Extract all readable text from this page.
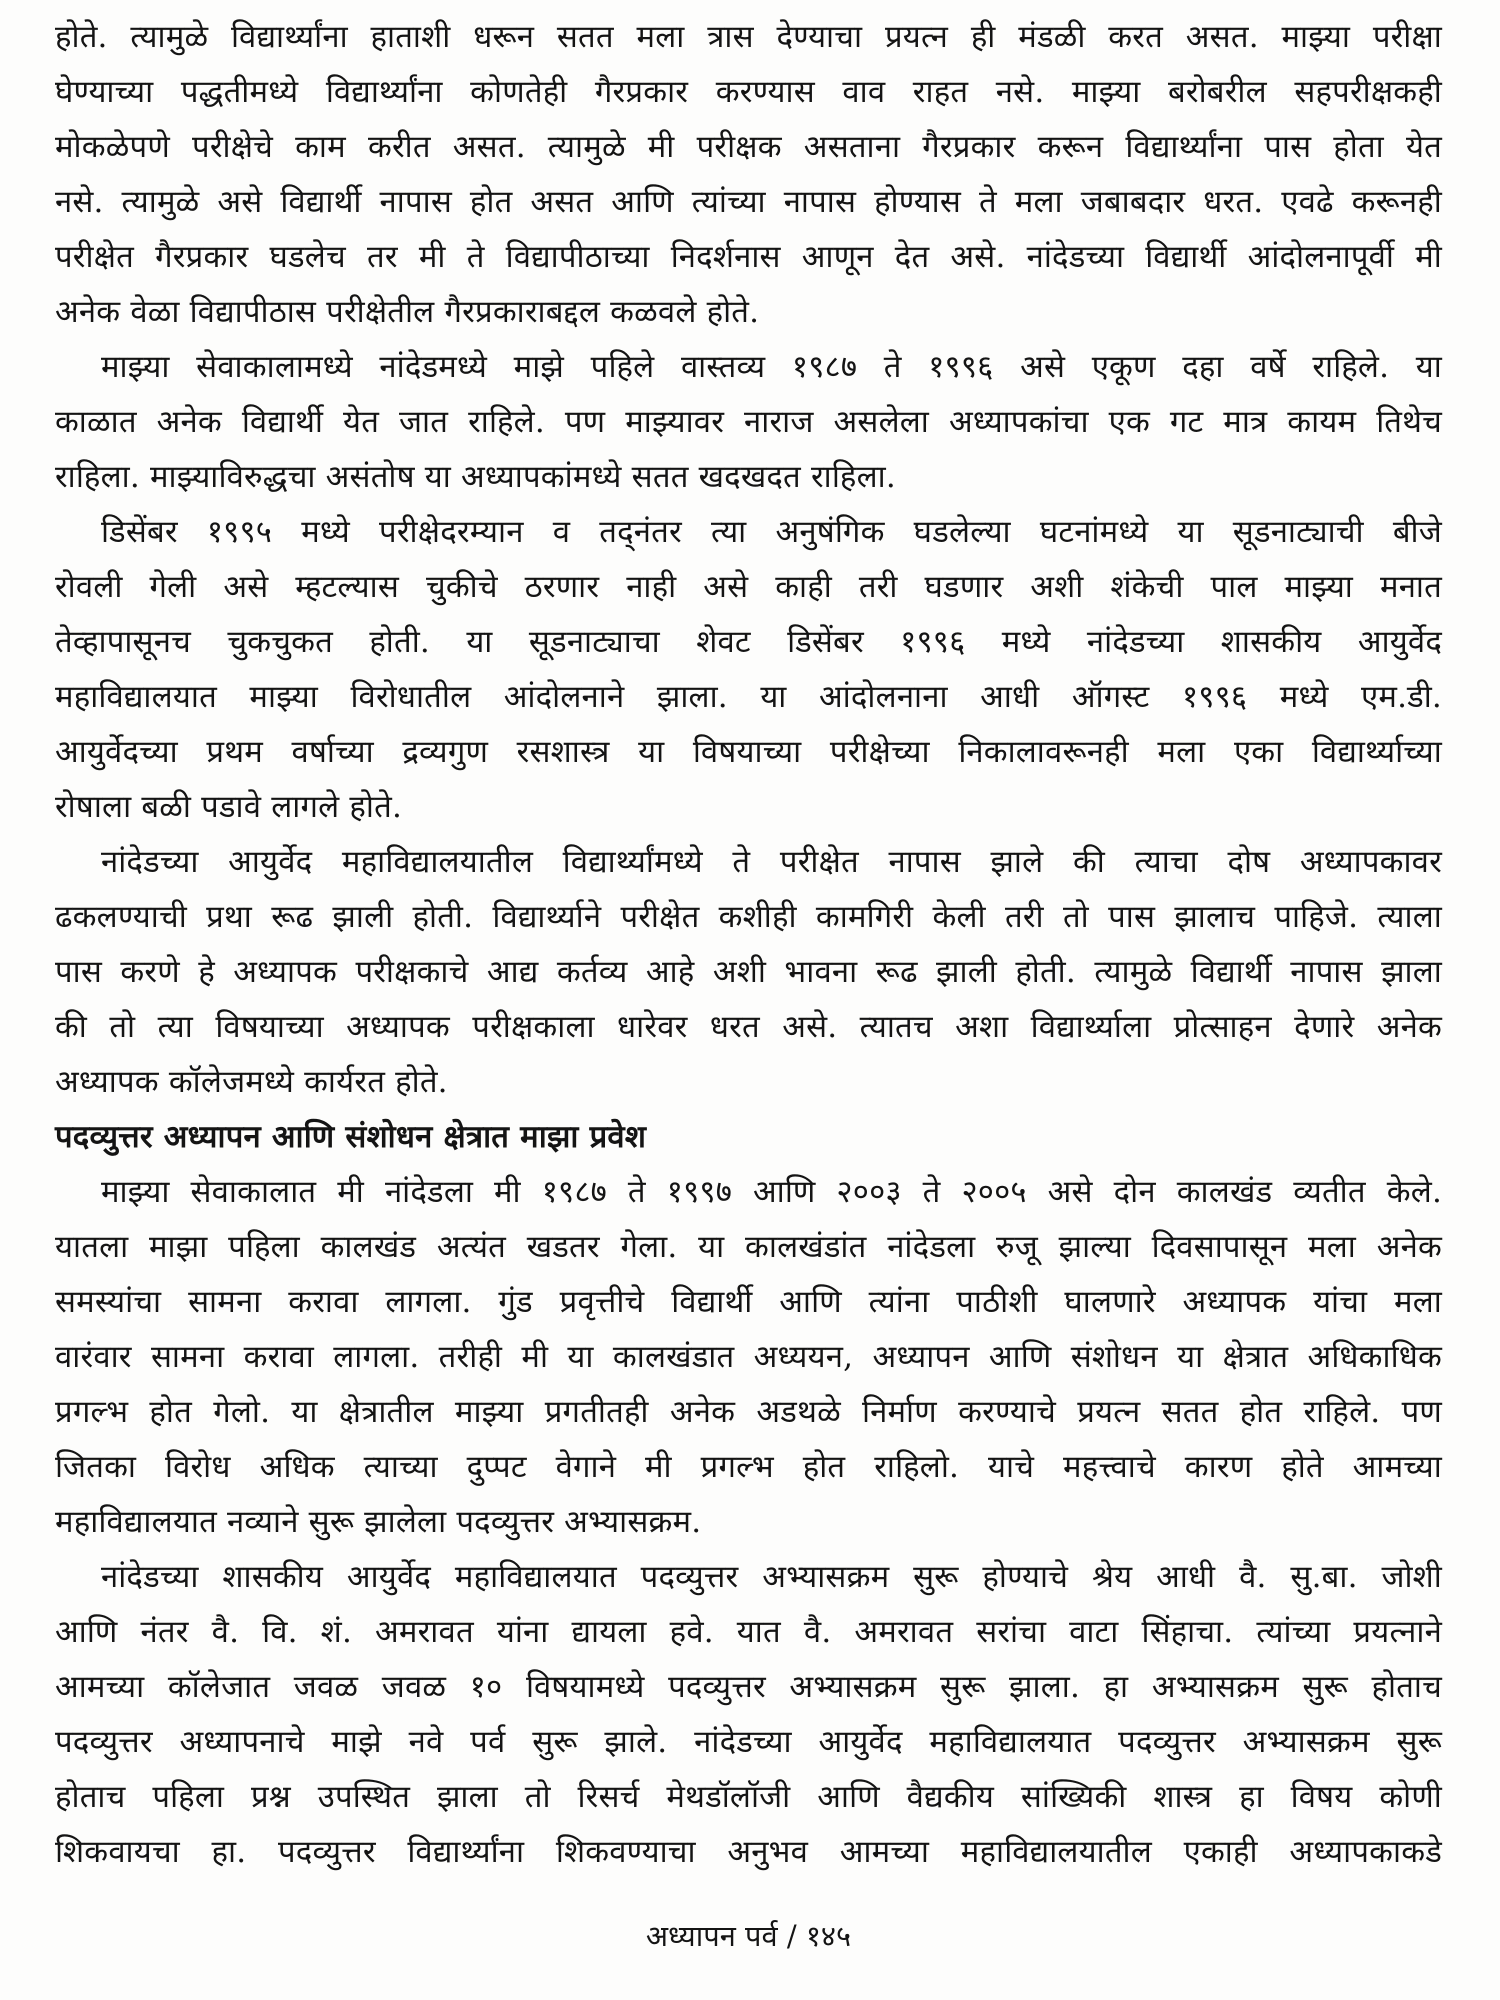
होते. त्यामुळे विद्यार्थ्यांना हाताशी धरून सतत मला त्रास देण्याचा प्रयत्न ही मंडळी करत असत. माझ्या परीक्षा
घेण्याच्या पद्धतीमध्ये विद्यार्थ्यांना कोणतेही गैरप्रकार करण्यास वाव राहत नसे. माझ्या बरोबरील सहपरीक्षकही
मोकळेपणे परीक्षेचे काम करीत असत. त्यामुळे मी परीक्षक असताना गैरप्रकार करून विद्यार्थ्यांना पास होता येत
नसे. त्यामुळे असे विद्यार्थी नापास होत असत आणि त्यांच्या नापास होण्यास ते मला जबाबदार धरत. एवढे करूनही
परीक्षेत गैरप्रकार घडलेच तर मी ते विद्यापीठाच्या निदर्शनास आणून देत असे. नांदेडच्या विद्यार्थी आंदोलनापूर्वी मी
अनेक वेळा विद्यापीठास परीक्षेतील गैरप्रकाराबद्दल कळवले होते.
माझ्या सेवाकालामध्ये नांदेडमध्ये माझे पहिले वास्तव्य १९८७ ते १९९६ असे एकूण दहा वर्षे राहिले. या
काळात अनेक विद्यार्थी येत जात राहिले. पण माझ्यावर नाराज असलेला अध्यापकांचा एक गट मात्र कायम तिथेच
राहिला. माझ्याविरुद्धचा असंतोष या अध्यापकांमध्ये सतत खदखदत राहिला.
डिसेंबर १९९५ मध्ये परीक्षेदरम्यान व तद्नंतर त्या अनुषंगिक घडलेल्या घटनांमध्ये या सूडनाट्याची बीजे
रोवली गेली असे म्हटल्यास चुकीचे ठरणार नाही असे काही तरी घडणार अशी शंकेची पाल माझ्या मनात
तेव्हापासूनच चुकचुकत होती. या सूडनाट्याचा शेवट डिसेंबर १९९६ मध्ये नांदेडच्या शासकीय आयुर्वेद
महाविद्यालयात माझ्या विरोधातील आंदोलनाने झाला. या आंदोलनाना आधी ऑगस्ट १९९६ मध्ये एम.डी.
आयुर्वेदच्या प्रथम वर्षाच्या द्रव्यगुण रसशास्त्र या विषयाच्या परीक्षेच्या निकालावरूनही मला एका विद्यार्थ्याच्या
रोषाला बळी पडावे लागले होते.
नांदेडच्या आयुर्वेद महाविद्यालयातील विद्यार्थ्यांमध्ये ते परीक्षेत नापास झाले की त्याचा दोष अध्यापकावर
ढकलण्याची प्रथा रूढ झाली होती. विद्यार्थ्याने परीक्षेत कशीही कामगिरी केली तरी तो पास झालाच पाहिजे. त्याला
पास करणे हे अध्यापक परीक्षकाचे आद्य कर्तव्य आहे अशी भावना रूढ झाली होती. त्यामुळे विद्यार्थी नापास झाला
की तो त्या विषयाच्या अध्यापक परीक्षकाला धारेवर धरत असे. त्यातच अशा विद्यार्थ्याला प्रोत्साहन देणारे अनेक
अध्यापक कॉलेजमध्ये कार्यरत होते.
पदव्युत्तर अध्यापन आणि संशोधन क्षेत्रात माझा प्रवेश
माझ्या सेवाकालात मी नांदेडला मी १९८७ ते १९९७ आणि २००३ ते २००५ असे दोन कालखंड व्यतीत केले.
यातला माझा पहिला कालखंड अत्यंत खडतर गेला. या कालखंडांत नांदेडला रुजू झाल्या दिवसापासून मला अनेक
समस्यांचा सामना करावा लागला. गुंड प्रवृत्तीचे विद्यार्थी आणि त्यांना पाठीशी घालणारे अध्यापक यांचा मला
वारंवार सामना करावा लागला. तरीही मी या कालखंडात अध्ययन, अध्यापन आणि संशोधन या क्षेत्रात अधिकाधिक
प्रगल्भ होत गेलो. या क्षेत्रातील माझ्या प्रगतीतही अनेक अडथळे निर्माण करण्याचे प्रयत्न सतत होत राहिले. पण
जितका विरोध अधिक त्याच्या दुप्पट वेगाने मी प्रगल्भ होत राहिलो. याचे महत्त्वाचे कारण होते आमच्या
महाविद्यालयात नव्याने सुरू झालेला पदव्युत्तर अभ्यासक्रम.
नांदेडच्या शासकीय आयुर्वेद महाविद्यालयात पदव्युत्तर अभ्यासक्रम सुरू होण्याचे श्रेय आधी वै. सु.बा. जोशी
आणि नंतर वै. वि. शं. अमरावत यांना द्यायला हवे. यात वै. अमरावत सरांचा वाटा सिंहाचा. त्यांच्या प्रयत्नाने
आमच्या कॉलेजात जवळ जवळ १० विषयामध्ये पदव्युत्तर अभ्यासक्रम सुरू झाला. हा अभ्यासक्रम सुरू होताच
पदव्युत्तर अध्यापनाचे माझे नवे पर्व सुरू झाले. नांदेडच्या आयुर्वेद महाविद्यालयात पदव्युत्तर अभ्यासक्रम सुरू
होताच पहिला प्रश्न उपस्थित झाला तो रिसर्च मेथडॉलॉजी आणि वैद्यकीय सांख्यिकी शास्त्र हा विषय कोणी
शिकवायचा हा. पदव्युत्तर विद्यार्थ्यांना शिकवण्याचा अनुभव आमच्या महाविद्यालयातील एकाही अध्यापकाकडे
अध्यापन पर्व / १४५
